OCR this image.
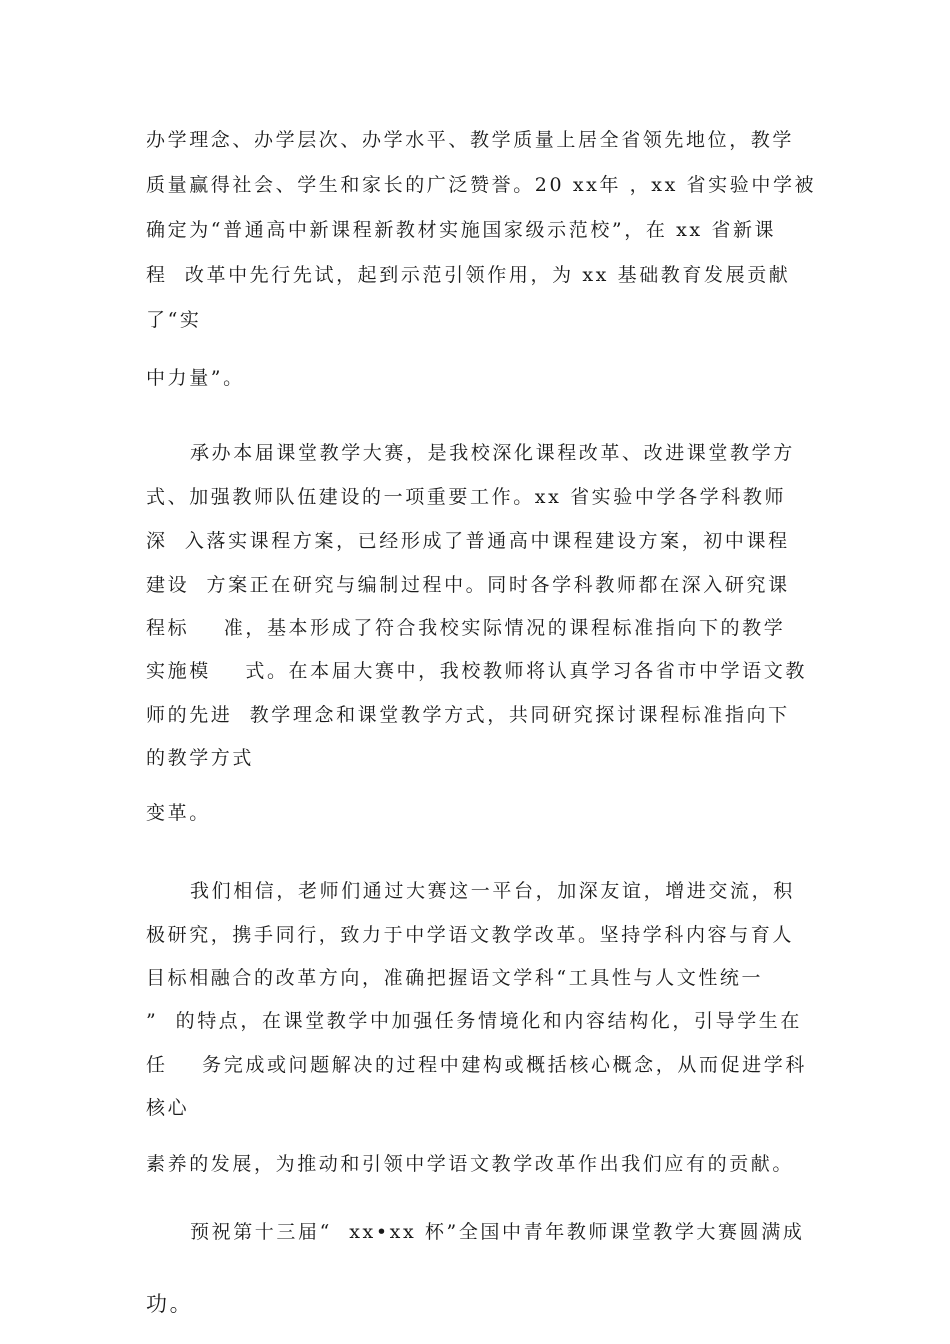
办学理念、办学层次、办学水平、教学质量上居全省领先地位，教学
质量赢得社会、学生和家长的广泛赞誉。20 xx年 ，xx 省实验中学被
确定为“普通高中新课程新教材实施国家级示范校”，在 xx 省新课
程  改革中先行先试，起到示范引领作用，为 xx 基础教育发展贡献
了“实
中力量”。
承办本届课堂教学大赛，是我校深化课程改革、改进课堂教学方
式、加强教师队伍建设的一项重要工作。xx 省实验中学各学科教师
深  入落实课程方案，已经形成了普通高中课程建设方案，初中课程
建设  方案正在研究与编制过程中。同时各学科教师都在深入研究课
程标    准，基本形成了符合我校实际情况的课程标准指向下的教学
实施模    式。在本届大赛中，我校教师将认真学习各省市中学语文教
师的先进  教学理念和课堂教学方式，共同研究探讨课程标准指向下
的教学方式
变革。
我们相信，老师们通过大赛这一平台，加深友谊，增进交流，积
极研究，携手同行，致力于中学语文教学改革。坚持学科内容与育人
目标相融合的改革方向，准确把握语文学科“工具性与人文性统一
”  的特点，在课堂教学中加强任务情境化和内容结构化，引导学生在
任    务完成或问题解决的过程中建构或概括核心概念，从而促进学科
核心
素养的发展，为推动和引领中学语文教学改革作出我们应有的贡献。
预祝第十三届“  xx•xx 杯”全国中青年教师课堂教学大赛圆满成
功。
